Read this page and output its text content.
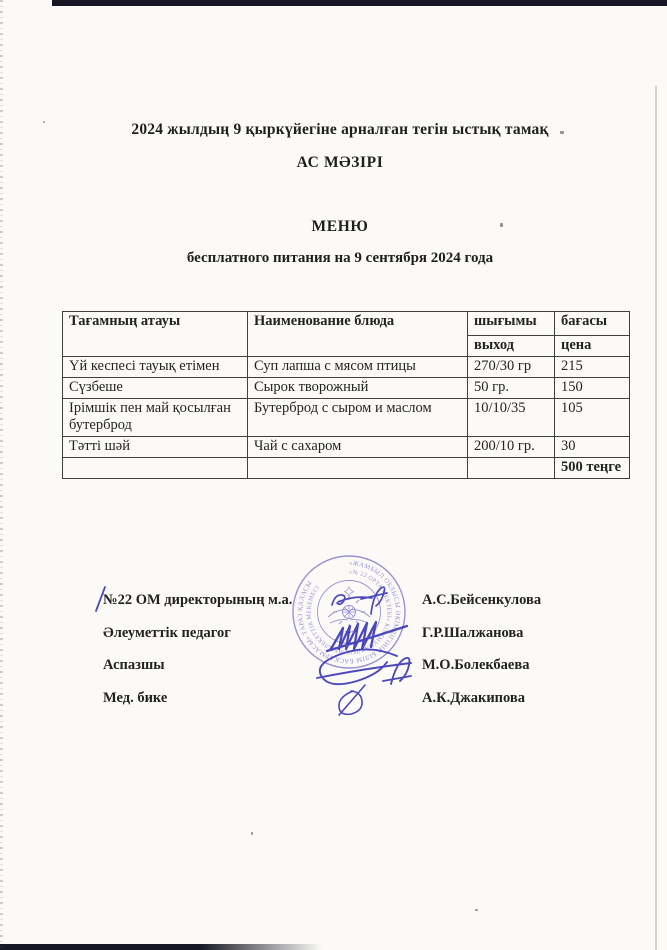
2024 жылдың 9 қыркүйегіне арналған тегін ыстық тамақ
АС МӘЗІРІ
МЕНЮ
бесплатного питания на 9 сентября 2024 года
Тағамның атауы	Наименование блюда	шығымы	бағасы
		выход	цена
Үй кеспесі тауық етімен	Суп лапша с мясом птицы	270/30 гр	215
Сүзбеше	Сырок творожный	50 гр.	150
Ірімшік пен май қосылған бутерброд	Бутерброд с сыром и маслом	10/10/35	105
Тәтті шәй	Чай с сахаром	200/10 гр.	30
			500 теңге
№22 ОМ директорының м.а.	А.С.Бейсенкулова
Әлеуметтік педагог	Г.Р.Шалжанова
Аспазшы	М.О.Болекбаева
Мед. бике	А.К.Джакипова
«ЖАМБЫЛ ОБЛЫСЫ ӘКІМДІГІНІҢ БІЛІМ БАСҚАРМАСЫ» ТАРАЗ ҚАЛАСЫ
«№ 22 ОРТА МЕКТЕБІ» КОММУНАЛДЫҚ МЕМЛЕКЕТТІК МЕКЕМЕСІ
